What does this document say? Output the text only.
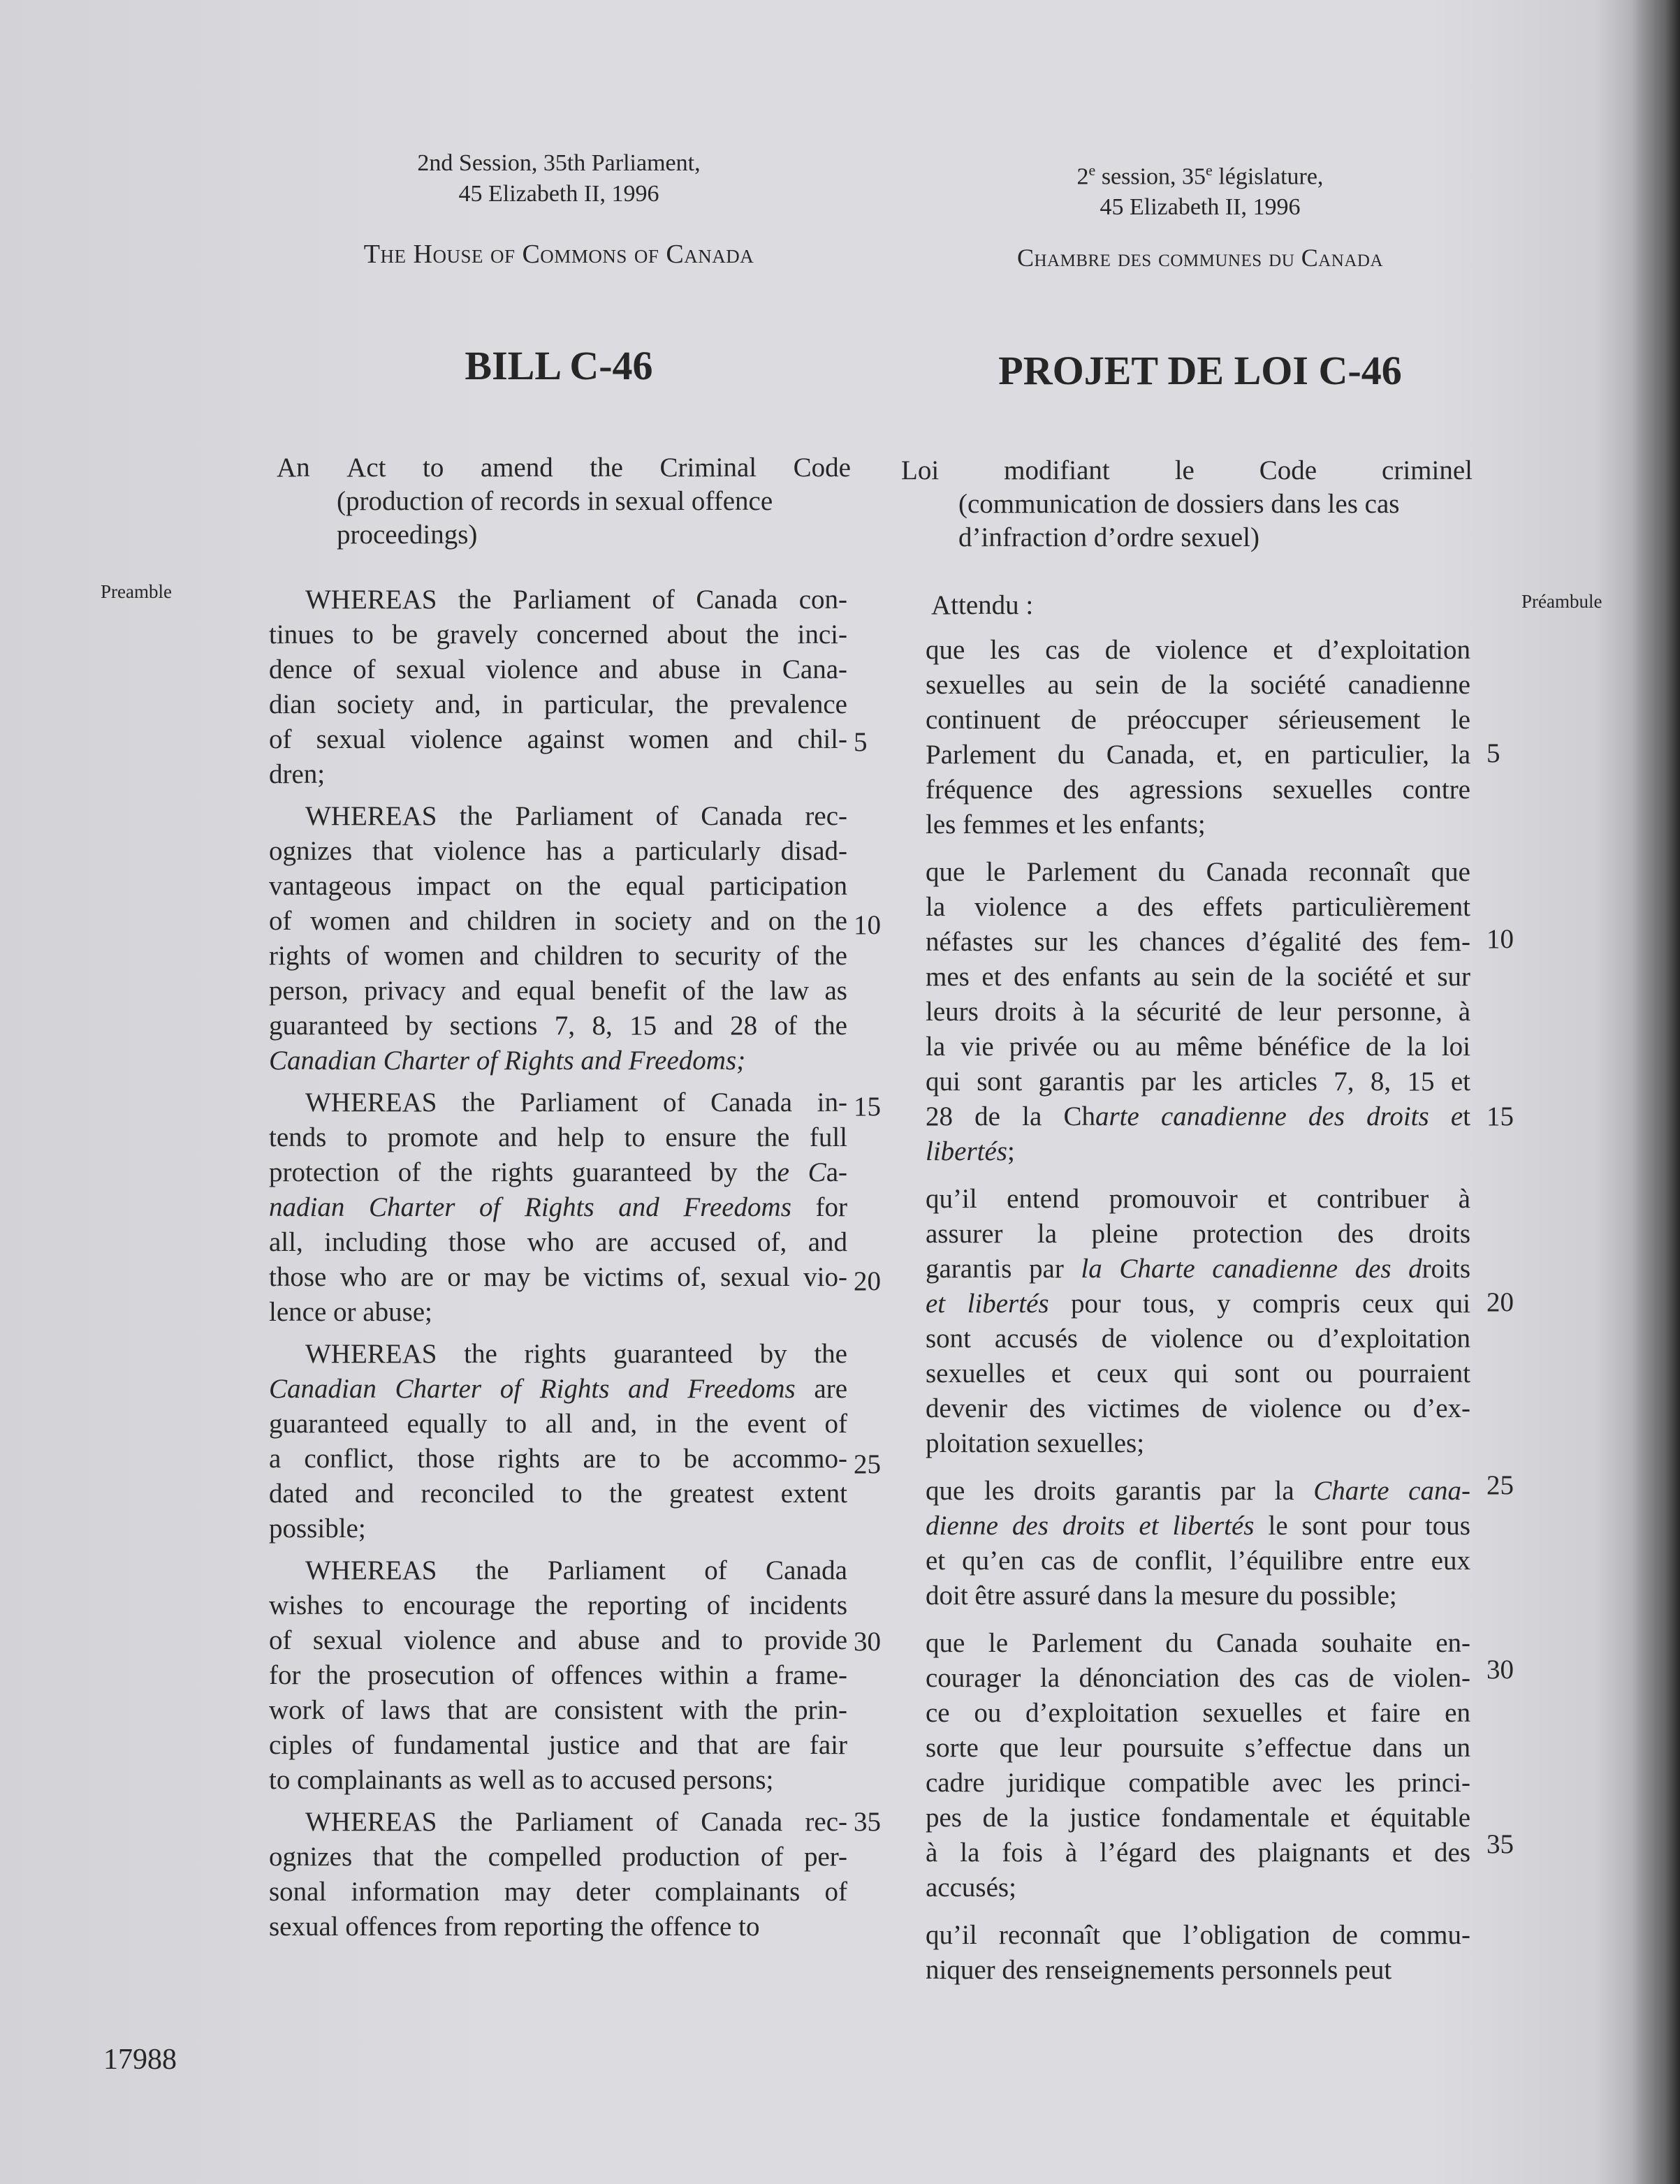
2nd Session, 35th Parliament,
45 Elizabeth II, 1996
The House of Commons of Canada
BILL C-46
2e session, 35e législature,
45 Elizabeth II, 1996
Chambre des communes du Canada
PROJET DE LOI C-46
An Act to amend the Criminal Code
(production of records in sexual offence
proceedings)
Loi modifiant le Code criminel
(communication de dossiers dans les cas
d’infraction d’ordre sexuel)
Preamble	Préambule
WHEREAS the Parliament of Canada con-
tinues to be gravely concerned about the inci-
dence of sexual violence and abuse in Cana-
dian society and, in particular, the prevalence
of sexual violence against women and chil-
dren;
WHEREAS the Parliament of Canada rec-
ognizes that violence has a particularly disad-
vantageous impact on the equal participation
of women and children in society and on the
rights of women and children to security of the
person, privacy and equal benefit of the law as
guaranteed by sections 7, 8, 15 and 28 of the
Canadian Charter of Rights and Freedoms;
WHEREAS the Parliament of Canada in-
tends to promote and help to ensure the full
protection of the rights guaranteed by the Ca-
nadian Charter of Rights and Freedoms for
all, including those who are accused of, and
those who are or may be victims of, sexual vio-
lence or abuse;
WHEREAS the rights guaranteed by the
Canadian Charter of Rights and Freedoms are
guaranteed equally to all and, in the event of
a conflict, those rights are to be accommo-
dated and reconciled to the greatest extent
possible;
WHEREAS the Parliament of Canada
wishes to encourage the reporting of incidents
of sexual violence and abuse and to provide
for the prosecution of offences within a frame-
work of laws that are consistent with the prin-
ciples of fundamental justice and that are fair
to complainants as well as to accused persons;
WHEREAS the Parliament of Canada rec-
ognizes that the compelled production of per-
sonal information may deter complainants of
sexual offences from reporting the offence to
Attendu :
que les cas de violence et d’exploitation
sexuelles au sein de la société canadienne
continuent de préoccuper sérieusement le
Parlement du Canada, et, en particulier, la
fréquence des agressions sexuelles contre
les femmes et les enfants;
que le Parlement du Canada reconnaît que
la violence a des effets particulièrement
néfastes sur les chances d’égalité des fem-
mes et des enfants au sein de la société et sur
leurs droits à la sécurité de leur personne, à
la vie privée ou au même bénéfice de la loi
qui sont garantis par les articles 7, 8, 15 et
28 de la Charte canadienne des droits et
libertés;
qu’il entend promouvoir et contribuer à
assurer la pleine protection des droits
garantis par la Charte canadienne des droits
et libertés pour tous, y compris ceux qui
sont accusés de violence ou d’exploitation
sexuelles et ceux qui sont ou pourraient
devenir des victimes de violence ou d’ex-
ploitation sexuelles;
que les droits garantis par la Charte cana-
dienne des droits et libertés le sont pour tous
et qu’en cas de conflit, l’équilibre entre eux
doit être assuré dans la mesure du possible;
que le Parlement du Canada souhaite en-
courager la dénonciation des cas de violen-
ce ou d’exploitation sexuelles et faire en
sorte que leur poursuite s’effectue dans un
cadre juridique compatible avec les princi-
pes de la justice fondamentale et équitable
à la fois à l’égard des plaignants et des
accusés;
qu’il reconnaît que l’obligation de commu-
niquer des renseignements personnels peut
5
10
15
20
25
30
35
5
10
15
20
25
30
35
17988
